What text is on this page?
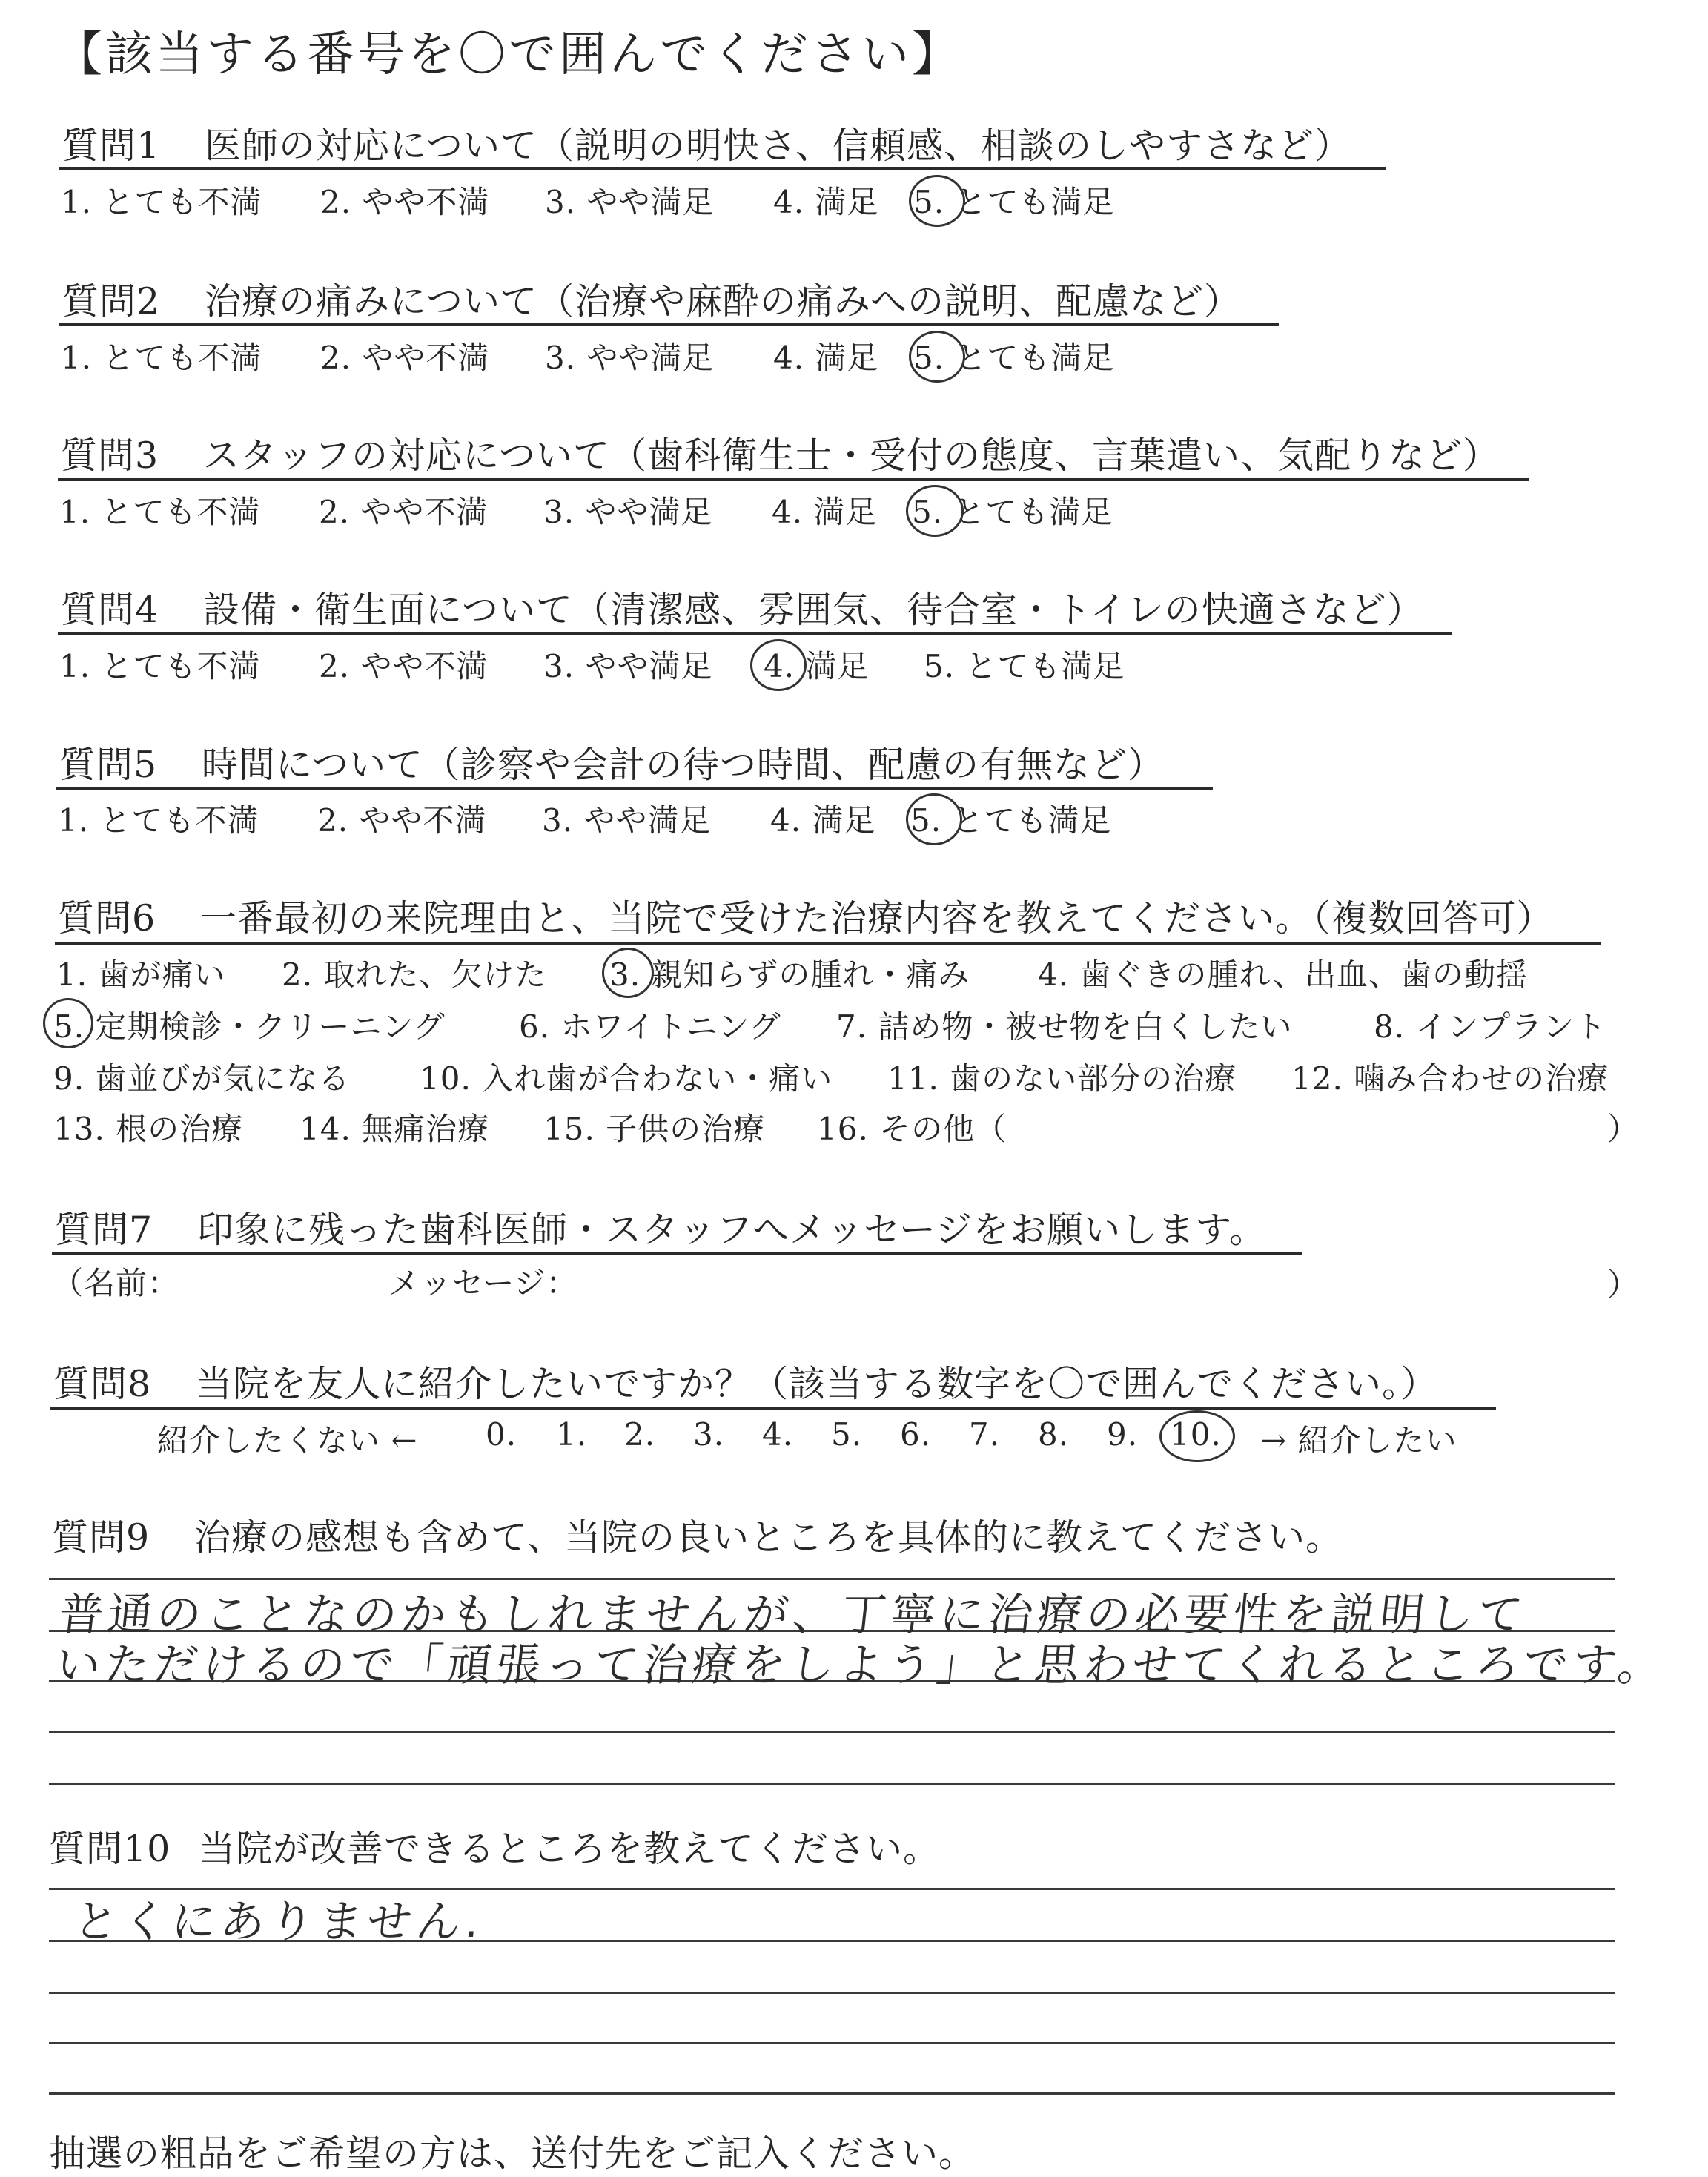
【該当する番号を〇で囲んでください】
質問1 医師の対応について（説明の明快さ、信頼感、相談のしやすさなど）
1. とても不満 2. やや不満 3. やや満足 4. 満足 5. とても満足
質問2 治療の痛みについて（治療や麻酔の痛みへの説明、配慮など）
1. とても不満 2. やや不満 3. やや満足 4. 満足 5. とても満足
質問3 スタッフの対応について（歯科衛生士・受付の態度、言葉遣い、気配りなど）
1. とても不満 2. やや不満 3. やや満足 4. 満足 5. とても満足
質問4 設備・衛生面について（清潔感、雰囲気、待合室・トイレの快適さなど）
1. とても不満 2. やや不満 3. やや満足 4. 満足 5. とても満足
質問5 時間について（診察や会計の待つ時間、配慮の有無など）
1. とても不満 2. やや不満 3. やや満足 4. 満足 5. とても満足
質問6 一番最初の来院理由と、当院で受けた治療内容を教えてください。（複数回答可）
1. 歯が痛い 2. 取れた、欠けた 3. 親知らずの腫れ・痛み 4. 歯ぐきの腫れ、出血、歯の動揺
5. 定期検診・クリーニング 6. ホワイトニング 7. 詰め物・被せ物を白くしたい	8. インプラント
9. 歯並びが気になる 10. 入れ歯が合わない・痛い 11. 歯のない部分の治療 12. 噛み合わせの治療
13. 根の治療 14. 無痛治療 15. 子供の治療 16. その他（	）
質問7 印象に残った歯科医師・スタッフへメッセージをお願いします。
（名前：	メッセージ：	）
質問8 当院を友人に紹介したいですか？（該当する数字を〇で囲んでください。）
紹介したくない ← 0. 1. 2. 3. 4. 5. 6. 7. 8. 9. 10. → 紹介したい
質問9 治療の感想も含めて、当院の良いところを具体的に教えてください。
普通のことなのかもしれませんが、丁寧に治療の必要性を説明して
いただけるので「頑張って治療をしよう」と思わせてくれるところです。
質問10 当院が改善できるところを教えてください。
とくにありません.
抽選の粗品をご希望の方は、送付先をご記入ください。
